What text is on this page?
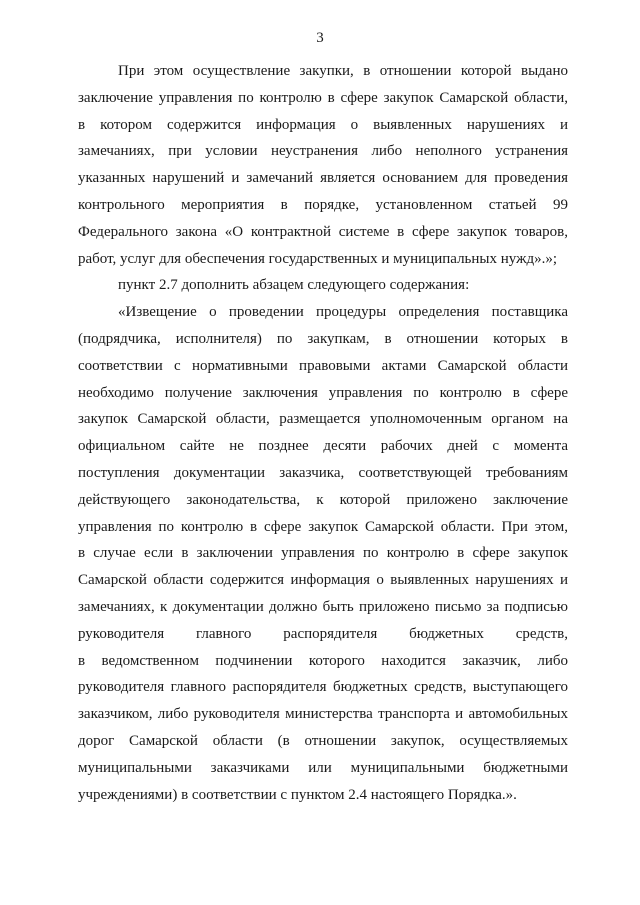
3

При этом осуществление закупки, в отношении которой выдано
заключение управления по контролю в сфере закупок Самарской области,
в котором содержится информация о выявленных нарушениях и
замечаниях, при условии неустранения либо неполного устранения
указанных нарушений и замечаний является основанием для проведения
контрольного мероприятия в порядке, установленном статьей 99
Федерального закона «О контрактной системе в сфере закупок товаров,
работ, услуг для обеспечения государственных и муниципальных нужд».»;

пункт 2.7 дополнить абзацем следующего содержания:

«Извещение о проведении процедуры определения поставщика
(подрядчика, исполнителя) по закупкам, в отношении которых в
соответствии с нормативными правовыми актами Самарской области
необходимо получение заключения управления по контролю в сфере
закупок Самарской области, размещается уполномоченным органом на
официальном сайте не позднее десяти рабочих дней с момента
поступления документации заказчика, соответствующей требованиям
действующего законодательства, к которой приложено заключение
управления по контролю в сфере закупок Самарской области. При этом,
в случае если в заключении управления по контролю в сфере закупок
Самарской области содержится информация о выявленных нарушениях и
замечаниях, к документации должно быть приложено письмо за подписью
руководителя главного распорядителя бюджетных средств,
в ведомственном подчинении которого находится заказчик, либо
руководителя главного распорядителя бюджетных средств, выступающего
заказчиком, либо руководителя министерства транспорта и автомобильных
дорог Самарской области (в отношении закупок, осуществляемых
муниципальными заказчиками или муниципальными бюджетными
учреждениями) в соответствии с пунктом 2.4 настоящего Порядка.».
